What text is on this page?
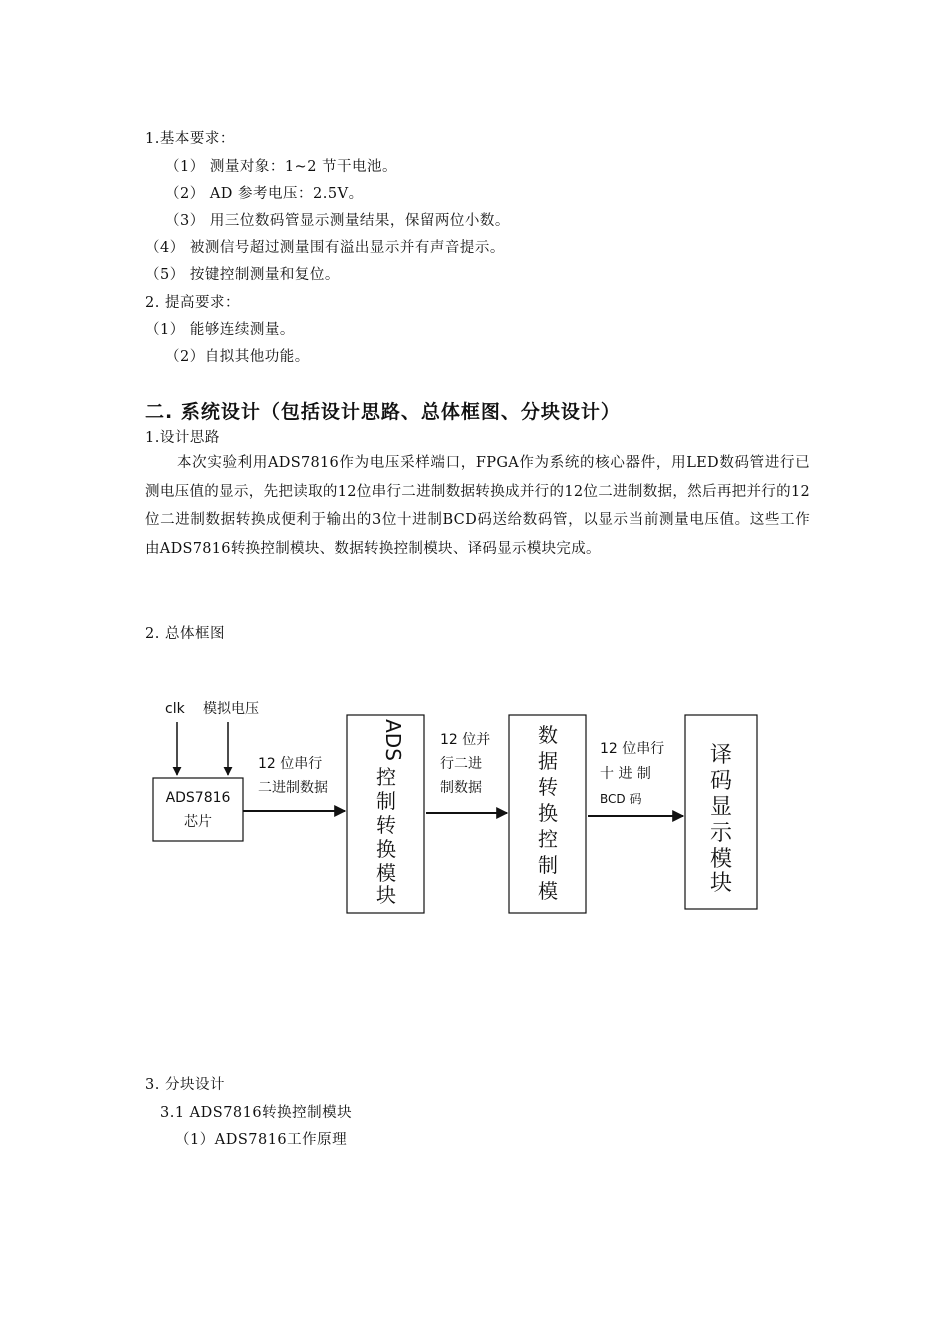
1.基本要求：
（1） 测量对象：1~2 节干电池。
（2） AD 参考电压：2.5V。
（3） 用三位数码管显示测量结果，保留两位小数。
（4） 被测信号超过测量围有溢出显示并有声音提示。
（5） 按键控制测量和复位。
2. 提高要求：
（1） 能够连续测量。
（2）自拟其他功能。
二. 系统设计（包括设计思路、总体框图、分块设计）
1.设计思路
本次实验利用ADS7816作为电压采样端口，FPGA作为系统的核心器件，用LED数码管进行已测电压值的显示，先把读取的12位串行二进制数据转换成并行的12位二进制数据，然后再把并行的12位二进制数据转换成便利于输出的3位十进制BCD码送给数码管，以显示当前测量电压值。这些工作由ADS7816转换控制模块、数据转换控制模块、译码显示模块完成。
2. 总体框图
clk 模拟电压
ADS7816
芯片
12 位串行
二进制数据
ADS
控
制
转
换
模
块
12 位并
行二进
制数据
数
据
转
换
控
制
模
12 位串行
十 进 制
BCD 码
译
码
显
示
模
块
3. 分块设计
3.1 ADS7816转换控制模块
（1）ADS7816工作原理
